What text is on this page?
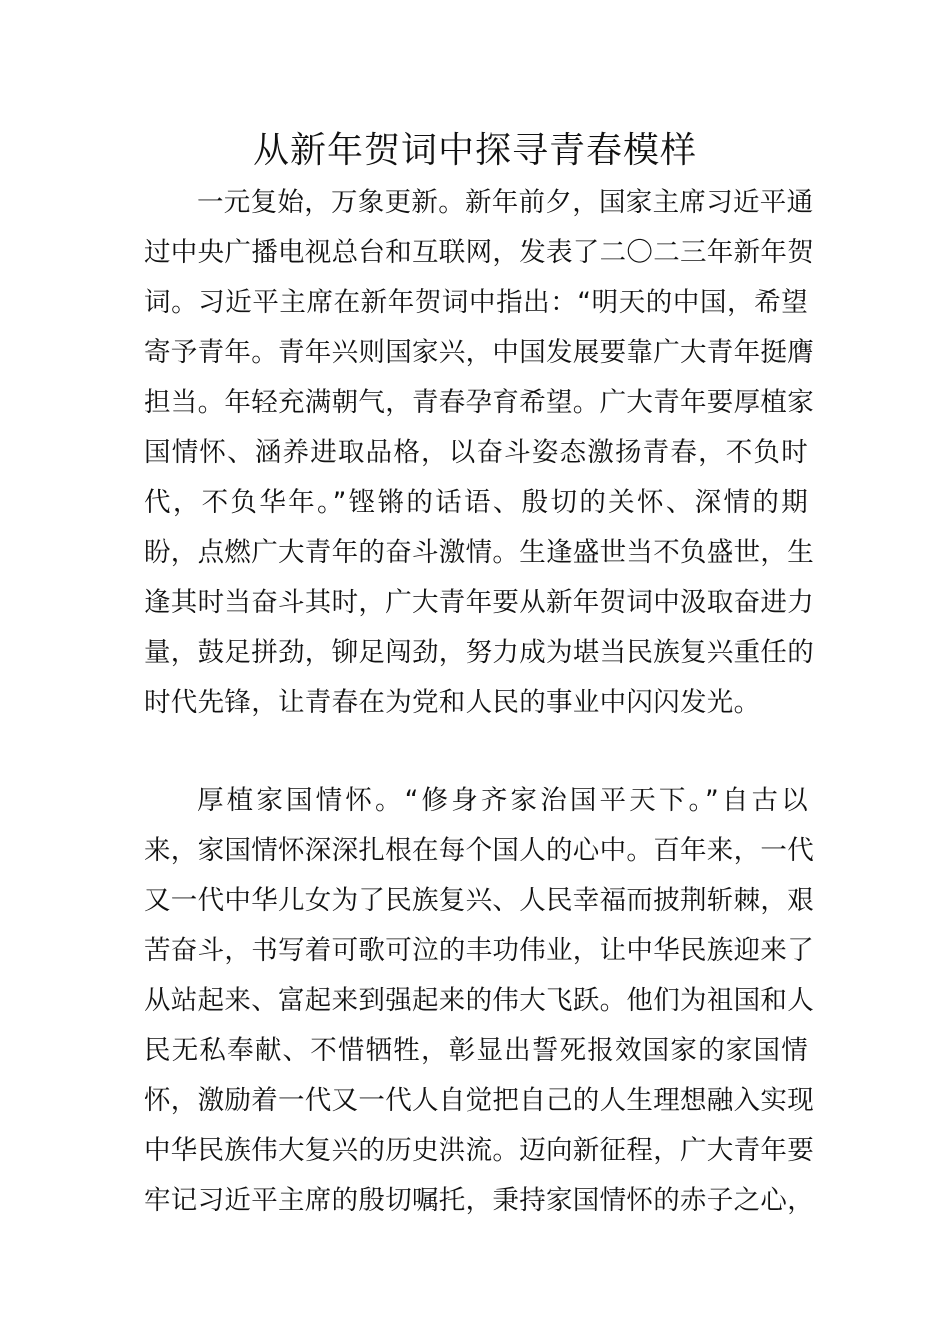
从新年贺词中探寻青春模样
一元复始，万象更新。新年前夕，国家主席习近平通
过中央广播电视总台和互联网，发表了二〇二三年新年贺
词。习近平主席在新年贺词中指出：“明天的中国，希望
寄予青年。青年兴则国家兴，中国发展要靠广大青年挺膺
担当。年轻充满朝气，青春孕育希望。广大青年要厚植家
国情怀、涵养进取品格，以奋斗姿态激扬青春，不负时
代，不负华年。”铿锵的话语、殷切的关怀、深情的期
盼，点燃广大青年的奋斗激情。生逢盛世当不负盛世，生
逢其时当奋斗其时，广大青年要从新年贺词中汲取奋进力
量，鼓足拼劲，铆足闯劲，努力成为堪当民族复兴重任的
时代先锋，让青春在为党和人民的事业中闪闪发光。
厚植家国情怀。“修身齐家治国平天下。”自古以
来，家国情怀深深扎根在每个国人的心中。百年来，一代
又一代中华儿女为了民族复兴、人民幸福而披荆斩棘，艰
苦奋斗，书写着可歌可泣的丰功伟业，让中华民族迎来了
从站起来、富起来到强起来的伟大飞跃。他们为祖国和人
民无私奉献、不惜牺牲，彰显出誓死报效国家的家国情
怀，激励着一代又一代人自觉把自己的人生理想融入实现
中华民族伟大复兴的历史洪流。迈向新征程，广大青年要
牢记习近平主席的殷切嘱托，秉持家国情怀的赤子之心，
